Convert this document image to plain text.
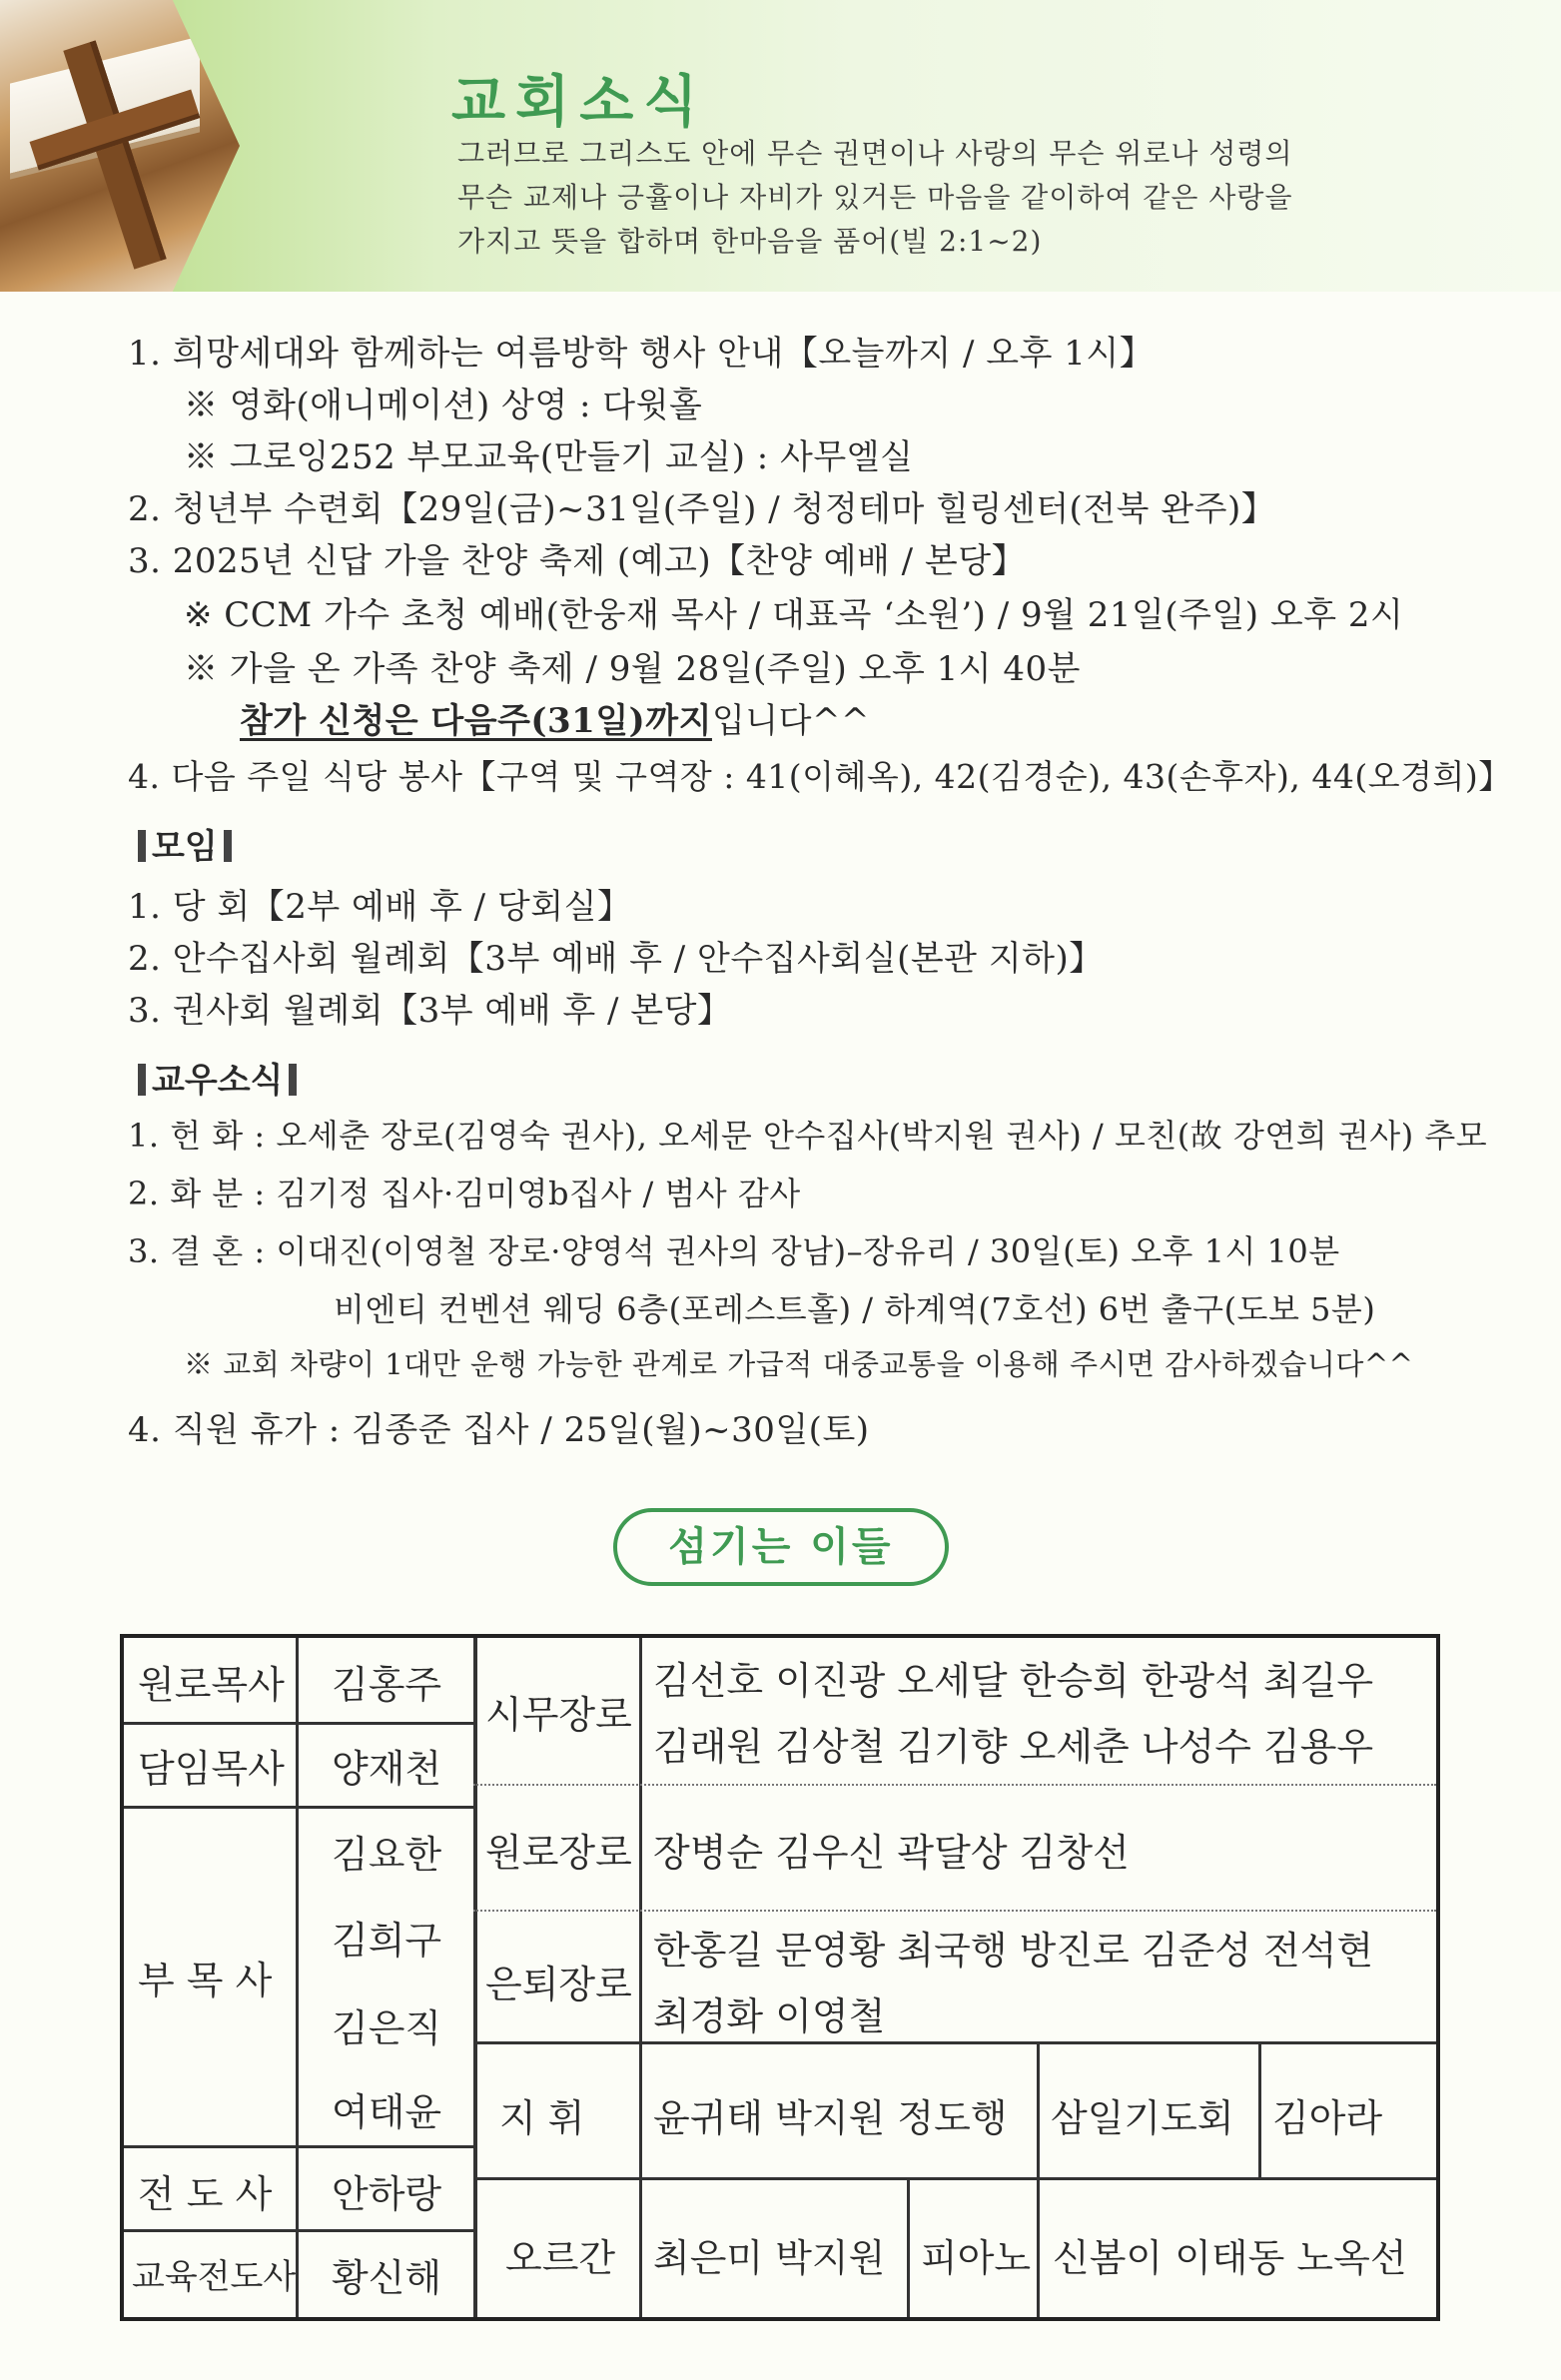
교회소식
그러므로 그리스도 안에 무슨 권면이나 사랑의 무슨 위로나 성령의
무슨 교제나 긍휼이나 자비가 있거든 마음을 같이하여 같은 사랑을
가지고 뜻을 합하며 한마음을 품어(빌 2:1~2)
1. 희망세대와 함께하는 여름방학 행사 안내【오늘까지 / 오후 1시】
※ 영화(애니메이션) 상영 : 다윗홀
※ 그로잉252 부모교육(만들기 교실) : 사무엘실
2. 청년부 수련회【29일(금)~31일(주일) / 청정테마 힐링센터(전북 완주)】
3. 2025년 신답 가을 찬양 축제 (예고)【찬양 예배 / 본당】
※ CCM 가수 초청 예배(한웅재 목사 / 대표곡 ‘소원’) / 9월 21일(주일) 오후 2시
※ 가을 온 가족 찬양 축제 / 9월 28일(주일) 오후 1시 40분
참가 신청은 다음주(31일)까지입니다^^
4. 다음 주일 식당 봉사【구역 및 구역장 : 41(이혜옥), 42(김경순), 43(손후자), 44(오경희)】
모임
1. 당 회【2부 예배 후 / 당회실】
2. 안수집사회 월례회【3부 예배 후 / 안수집사회실(본관 지하)】
3. 권사회 월례회【3부 예배 후 / 본당】
교우소식
1. 헌 화 : 오세춘 장로(김영숙 권사), 오세문 안수집사(박지원 권사) / 모친(故 강연희 권사) 추모
2. 화 분 : 김기정 집사·김미영b집사 / 범사 감사
3. 결 혼 : 이대진(이영철 장로·양영석 권사의 장남)–장유리 / 30일(토) 오후 1시 10분
비엔티 컨벤션 웨딩 6층(포레스트홀) / 하계역(7호선) 6번 출구(도보 5분)
※ 교회 차량이 1대만 운행 가능한 관계로 가급적 대중교통을 이용해 주시면 감사하겠습니다^^
4. 직원 휴가 : 김종준 집사 / 25일(월)~30일(토)
섬기는 이들
원로목사 김홍주
담임목사 양재천
부 목 사
김요한
김희구
김은직
여태윤
전 도 사 안하랑
교육전도사 황신해
시무장로
김선호 이진광 오세달 한승희 한광석 최길우
김래원 김상철 김기향 오세춘 나성수 김용우
원로장로 장병순 김우신 곽달상 김창선
은퇴장로
한홍길 문영황 최국행 방진로 김준성 전석현
최경화 이영철
지 휘 윤귀태 박지원 정도행 삼일기도회 김아라
오르간 최은미 박지원 피아노 신봄이 이태동 노옥선
